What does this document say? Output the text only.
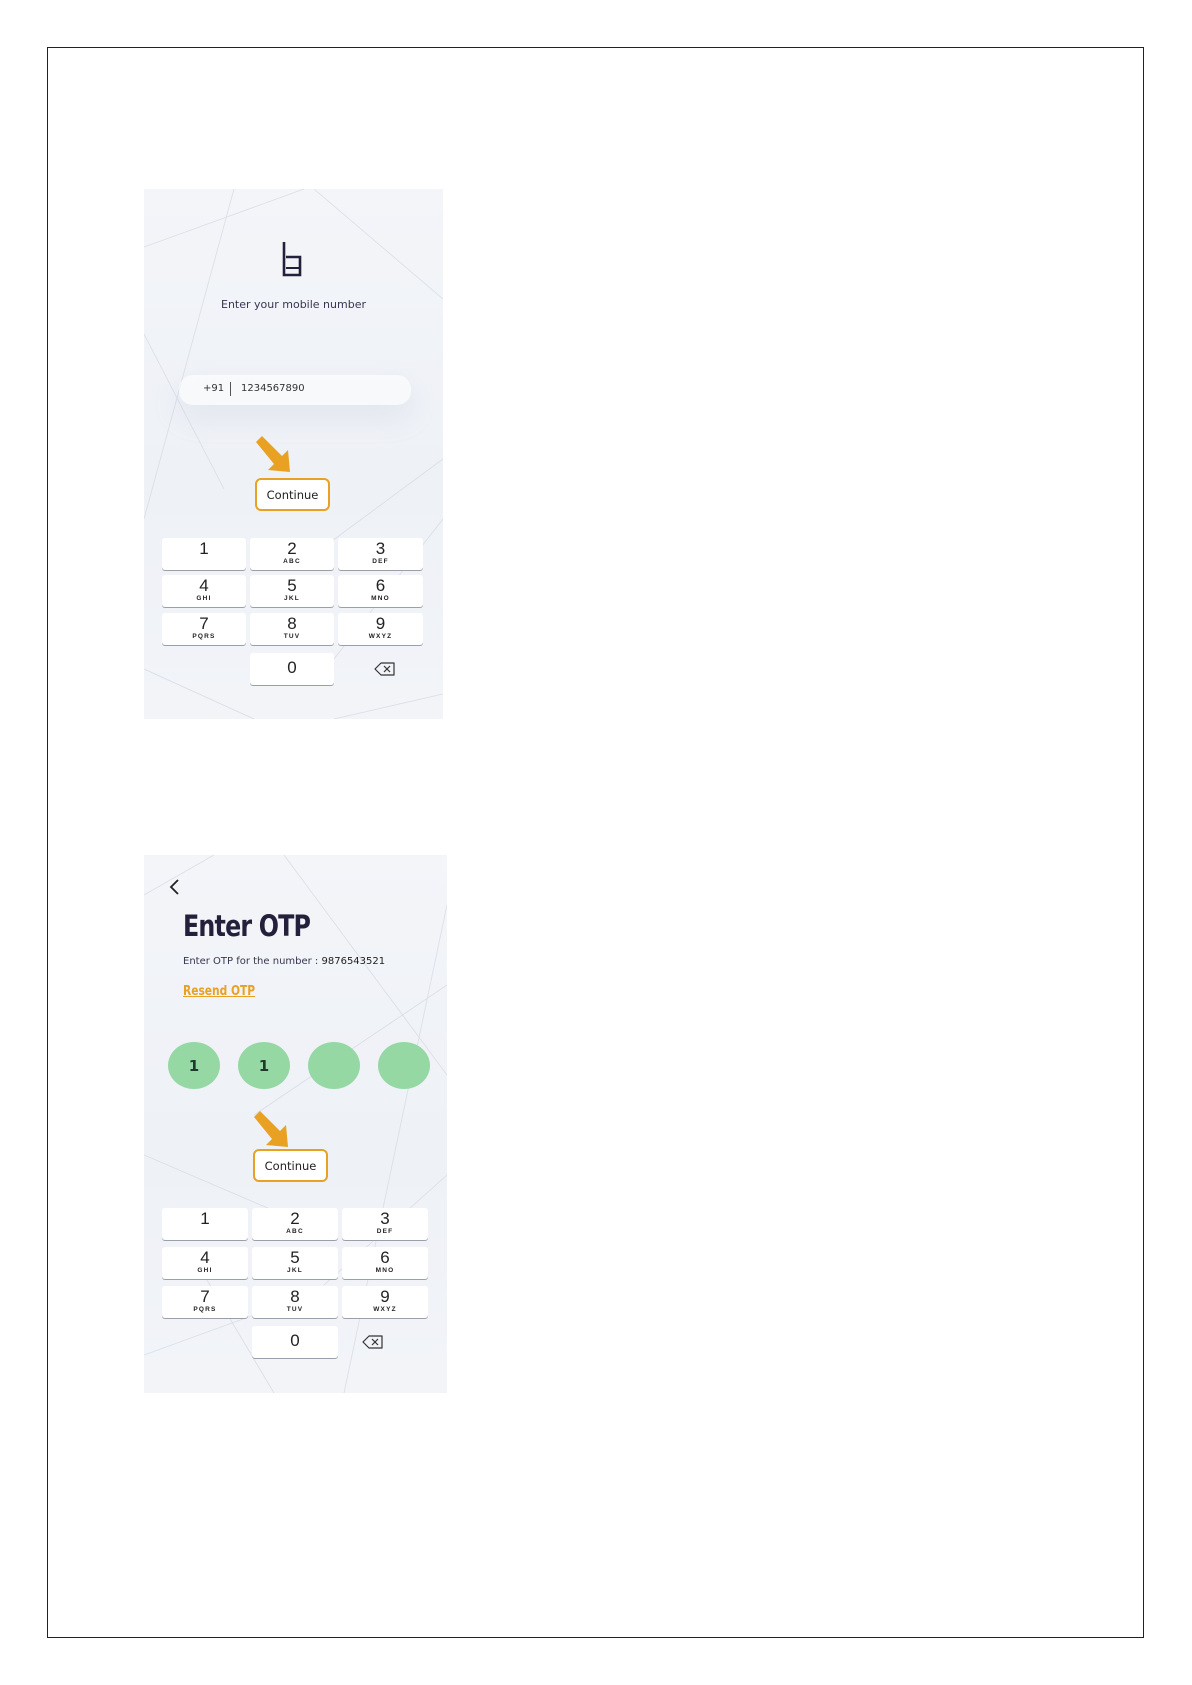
Enter your mobile number
+91 1234567890
Continue
1	2
ABC
3
DEF
4
GHI
5
JKL
6
MNO
7
PQRS
8
TUV
9
WXYZ
0
Enter OTP
Enter OTP for the number : 9876543521
Resend OTP
1	1
Continue
1	2
ABC
3
DEF
4
GHI
5
JKL
6
MNO
7
PQRS
8
TUV
9
WXYZ
0
